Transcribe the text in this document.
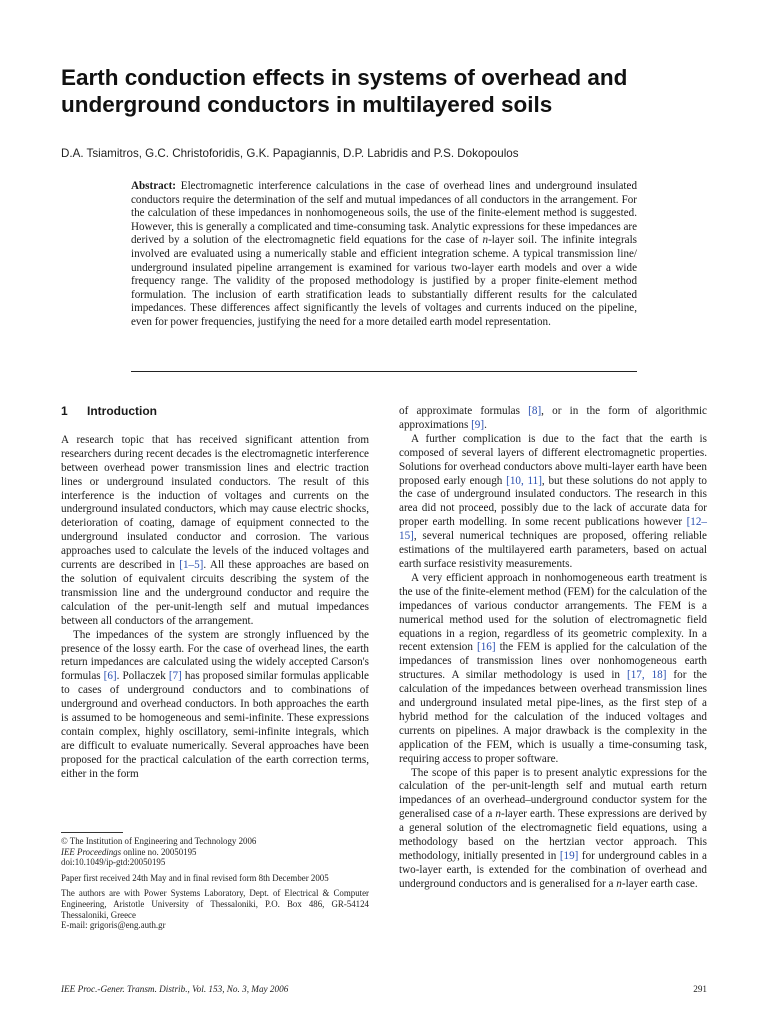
Earth conduction effects in systems of overhead and
underground conductors in multilayered soils

D.A. Tsiamitros, G.C. Christoforidis, G.K. Papagiannis, D.P. Labridis and P.S. Dokopoulos

Abstract: Electromagnetic interference calculations in the case of overhead lines and underground insulated conductors require the determination of the self and mutual impedances of all conductors in the arrangement. For the calculation of these impedances in nonhomogeneous soils, the use of the finite-element method is suggested. However, this is generally a complicated and time-consuming task. Analytic expressions for these impedances are derived by a solution of the electromagnetic field equations for the case of n-layer soil. The infinite integrals involved are evaluated using a numerically stable and efficient integration scheme. A typical transmission line/ underground insulated pipeline arrangement is examined for various two-layer earth models and over a wide frequency range. The validity of the proposed methodology is justified by a proper finite-element method formulation. The inclusion of earth stratification leads to substantially different results for the calculated impedances. These differences affect significantly the levels of voltages and currents induced on the pipeline, even for power frequencies, justifying the need for a more detailed earth model representation.

1 Introduction

A research topic that has received significant attention from researchers during recent decades is the electromagnetic interference between overhead power transmission lines and electric traction lines or underground insulated conductors. The result of this interference is the induction of voltages and currents on the underground insulated conductors, which may cause electric shocks, deterioration of coating, damage of equipment connected to the underground insulated conductor and corrosion. The various approaches used to calculate the levels of the induced voltages and currents are described in [1–5]. All these approaches are based on the solution of equivalent circuits describing the system of the transmission line and the underground conductor and require the calculation of the per-unit-length self and mutual impedances between all conductors of the arrangement.

The impedances of the system are strongly influenced by the presence of the lossy earth. For the case of overhead lines, the earth return impedances are calculated using the widely accepted Carson's formulas [6]. Pollaczek [7] has proposed similar formulas applicable to cases of underground conductors and to combinations of underground and overhead conductors. In both approaches the earth is assumed to be homogeneous and semi-infinite. These expressions contain complex, highly oscillatory, semi-infinite integrals, which are difficult to evaluate numerically. Several approaches have been proposed for the practical calculation of the earth correction terms, either in the form

© The Institution of Engineering and Technology 2006
IEE Proceedings online no. 20050195
doi:10.1049/ip-gtd:20050195
Paper first received 24th May and in final revised form 8th December 2005
The authors are with Power Systems Laboratory, Dept. of Electrical & Computer Engineering, Aristotle University of Thessaloniki, P.O. Box 486, GR-54124 Thessaloniki, Greece
E-mail: grigoris@eng.auth.gr

of approximate formulas [8], or in the form of algorithmic approximations [9].

A further complication is due to the fact that the earth is composed of several layers of different electromagnetic properties. Solutions for overhead conductors above multi-layer earth have been proposed early enough [10, 11], but these solutions do not apply to the case of underground insulated conductors. The research in this area did not proceed, possibly due to the lack of accurate data for proper earth modelling. In some recent publications however [12–15], several numerical techniques are proposed, offering reliable estimations of the multilayered earth parameters, based on actual earth surface resistivity measurements.

A very efficient approach in nonhomogeneous earth treatment is the use of the finite-element method (FEM) for the calculation of the impedances of various conductor arrangements. The FEM is a numerical method used for the solution of electromagnetic field equations in a region, regardless of its geometric complexity. In a recent extension [16] the FEM is applied for the calculation of the impedances of transmission lines over nonhomogeneous earth structures. A similar methodology is used in [17, 18] for the calculation of the impedances between overhead transmission lines and underground insulated metal pipe-lines, as the first step of a hybrid method for the calculation of the induced voltages and currents on pipelines. A major drawback is the complexity in the application of the FEM, which is usually a time-consuming task, requiring access to proper software.

The scope of this paper is to present analytic expressions for the calculation of the per-unit-length self and mutual earth return impedances of an overhead–underground conductor system for the generalised case of a n-layer earth. These expressions are derived by a general solution of the electromagnetic field equations, using a methodology based on the hertzian vector approach. This methodology, initially presented in [19] for underground cables in a two-layer earth, is extended for the combination of overhead and underground conductors and is generalised for a n-layer earth case.

IEE Proc.-Gener. Transm. Distrib., Vol. 153, No. 3, May 2006	291
